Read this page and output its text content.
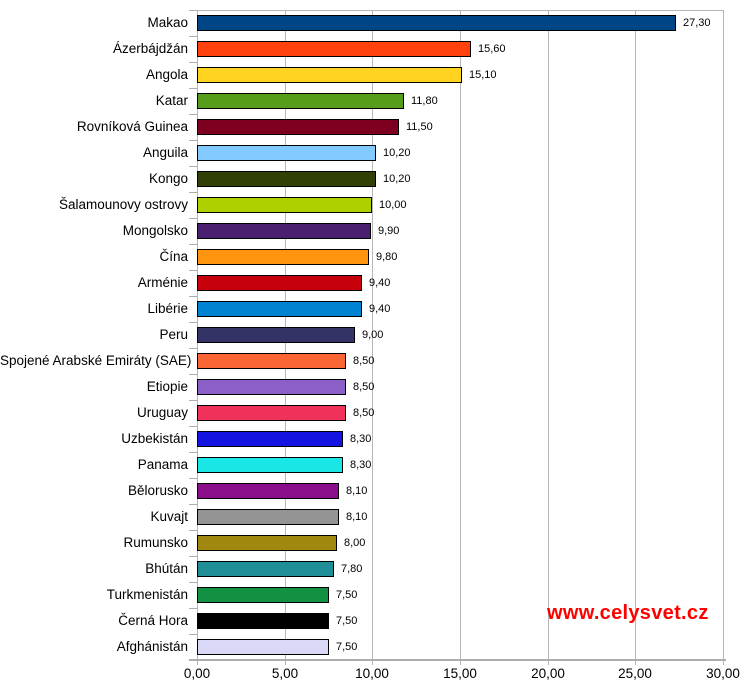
Makao	27,30
Ázerbájdžán	15,60
Angola	15,10
Katar	11,80
Rovníková Guinea	11,50
Anguila	10,20
Kongo	10,20
Šalamounovy ostrovy	10,00
Mongolsko	9,90
Čína	9,80
Arménie	9,40
Libérie	9,40
Peru	9,00
Spojené Arabské Emiráty (SAE)	8,50
Etiopie	8,50
Uruguay	8,50
Uzbekistán	8,30
Panama	8,30
Bělorusko	8,10
Kuvajt	8,10
Rumunsko	8,00
Bhútán	7,80
Turkmenistán	7,50
Černá Hora	7,50
Afghánistán	7,50
0,00	5,00	10,00	15,00	20,00	25,00	30,00
www.celysvet.cz
